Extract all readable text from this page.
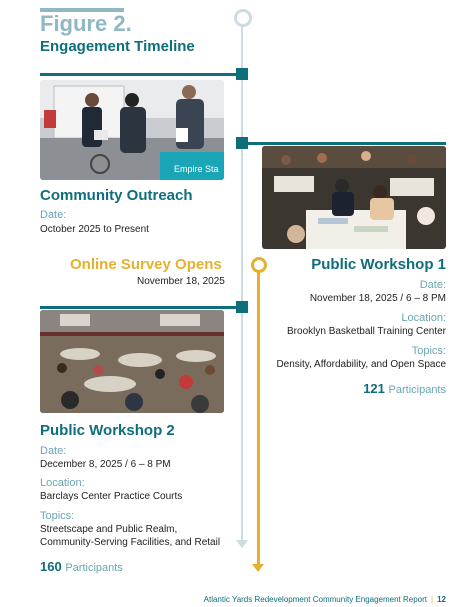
Figure 2.
Engagement Timeline
Empire Sta
Community Outreach
Date:
October 2025 to Present
Online Survey Opens
November 18, 2025
Public Workshop 1
Date:
November 18, 2025 / 6 – 8 PM
Location:
Brooklyn Basketball Training Center
Topics:
Density, Affordability, and Open Space
121 Participants
Public Workshop 2
Date:
December 8, 2025 / 6 – 8 PM
Location:
Barclays Center Practice Courts
Topics:
Streetscape and Public Realm,
Community-Serving Facilities, and Retail
160 Participants
Atlantic Yards Redevelopment Community Engagement Report | 12
